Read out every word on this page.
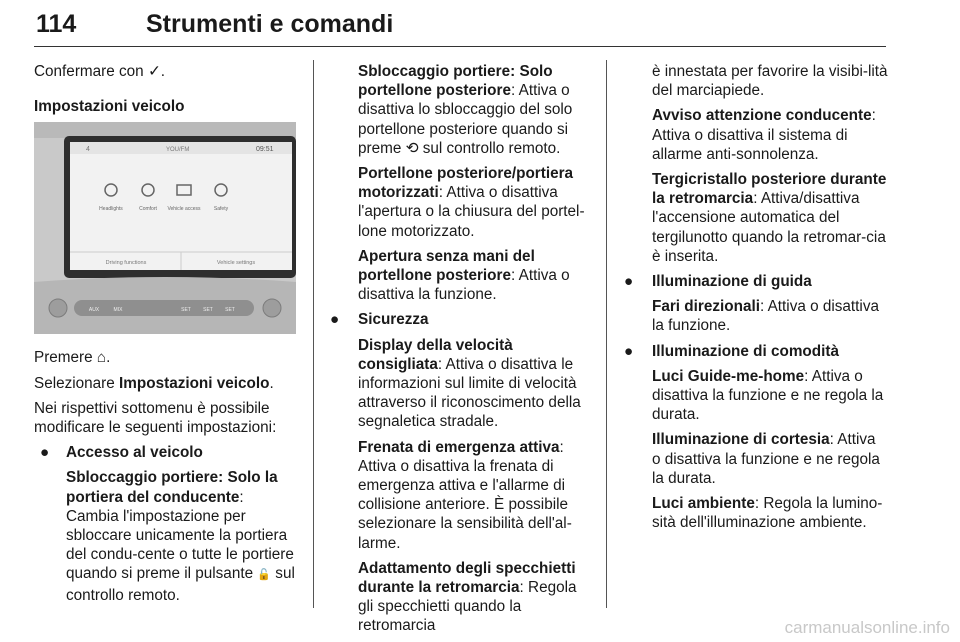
114	Strumenti e comandi

Confermare con ✓.

Impostazioni veicolo

4	YOU/FM	09:51
Headlights	Comfort Vehicle access	Safety
Driving functions	Vehicle settings
AUX	MIX	SET SET SET

Premere ⌂.

Selezionare Impostazioni veicolo.

Nei rispettivi sottomenu è possibile modificare le seguenti impostazioni:

● Accesso al veicolo

Sbloccaggio portiere: Solo la portiera del conducente: Cambia l'impostazione per sbloccare unicamente la portiera del condu-cente o tutte le portiere quando si preme il pulsante 🔓 sul controllo remoto.

Sbloccaggio portiere: Solo portellone posteriore: Attiva o disattiva lo sbloccaggio del solo portellone posteriore quando si preme ⟲ sul controllo remoto.

Portellone posteriore/portiera motorizzati: Attiva o disattiva l'apertura o la chiusura del portel-lone motorizzato.

Apertura senza mani del portellone posteriore: Attiva o disattiva la funzione.

● Sicurezza

Display della velocità consigliata: Attiva o disattiva le informazioni sul limite di velocità attraverso il riconoscimento della segnaletica stradale.

Frenata di emergenza attiva: Attiva o disattiva la frenata di emergenza attiva e l'allarme di collisione anteriore. È possibile selezionare la sensibilità dell'al-larme.

Adattamento degli specchietti durante la retromarcia: Regola gli specchietti quando la retromarcia

è innestata per favorire la visibi-lità del marciapiede.

Avviso attenzione conducente: Attiva o disattiva il sistema di allarme anti-sonnolenza.

Tergicristallo posteriore durante la retromarcia: Attiva/disattiva l'accensione automatica del tergilunotto quando la retromar-cia è inserita.

● Illuminazione di guida

Fari direzionali: Attiva o disattiva la funzione.

● Illuminazione di comodità

Luci Guide-me-home: Attiva o disattiva la funzione e ne regola la durata.

Illuminazione di cortesia: Attiva o disattiva la funzione e ne regola la durata.

Luci ambiente: Regola la lumino-sità dell'illuminazione ambiente.

carmanualsonline.info
